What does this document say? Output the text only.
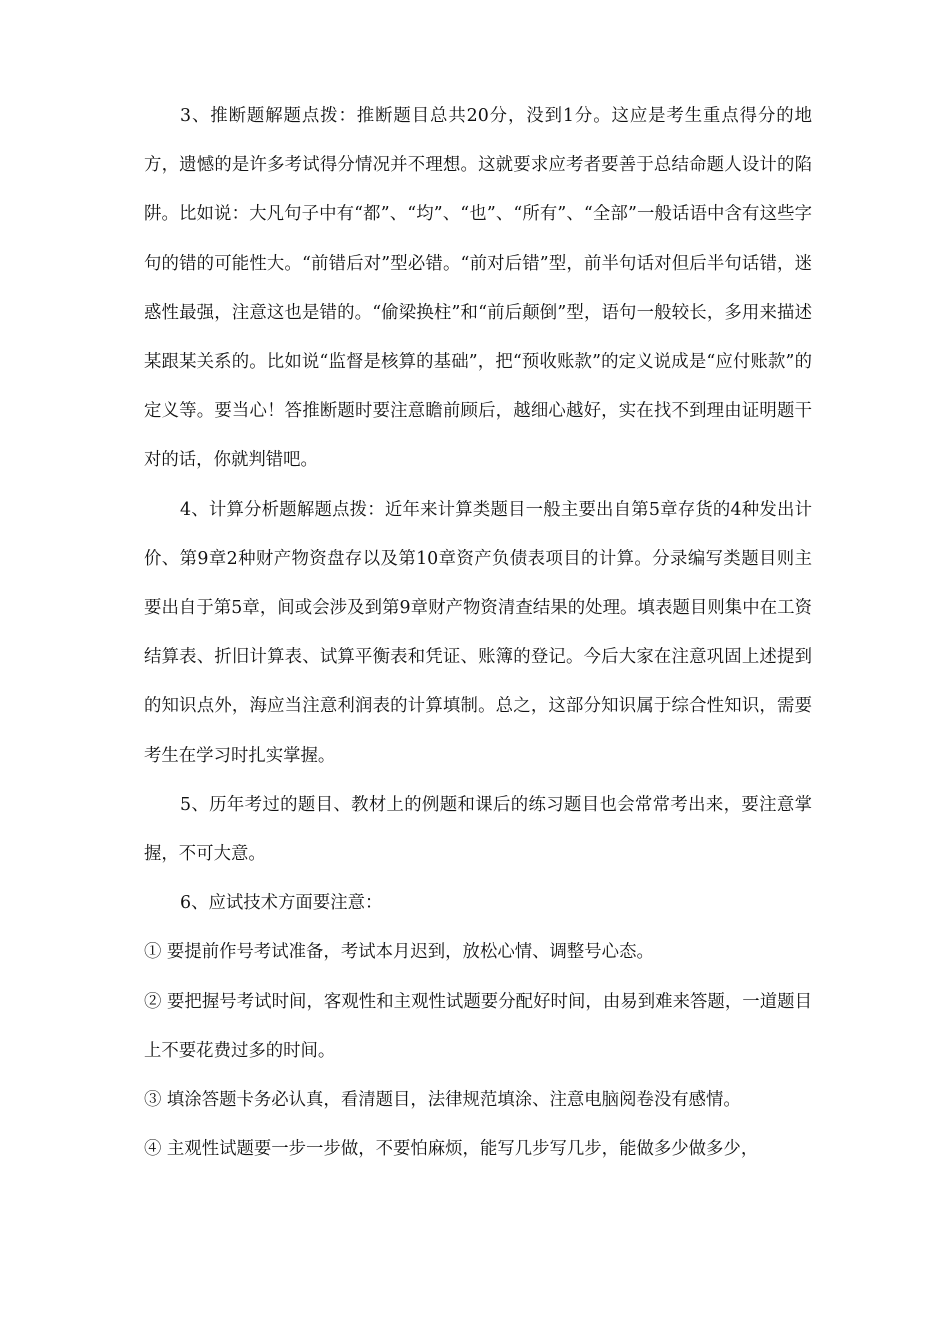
3、推断题解题点拨：推断题目总共20分，没到1分。这应是考生重点得分的地方，遗憾的是许多考试得分情况并不理想。这就要求应考者要善于总结命题人设计的陷阱。比如说：大凡句子中有“都”、“均”、“也”、“所有”、“全部”一般话语中含有这些字句的错的可能性大。“前错后对”型必错。“前对后错”型，前半句话对但后半句话错，迷惑性最强，注意这也是错的。“偷梁换柱”和“前后颠倒”型，语句一般较长，多用来描述某跟某关系的。比如说“监督是核算的基础”，把“预收账款”的定义说成是“应付账款”的定义等。要当心！答推断题时要注意瞻前顾后，越细心越好，实在找不到理由证明题干对的话，你就判错吧。

4、计算分析题解题点拨：近年来计算类题目一般主要出自第5章存货的4种发出计价、第9章2种财产物资盘存以及第10章资产负债表项目的计算。分录编写类题目则主要出自于第5章，间或会涉及到第9章财产物资清查结果的处理。填表题目则集中在工资结算表、折旧计算表、试算平衡表和凭证、账簿的登记。今后大家在注意巩固上述提到的知识点外，海应当注意利润表的计算填制。总之，这部分知识属于综合性知识，需要考生在学习时扎实掌握。

5、历年考过的题目、教材上的例题和课后的练习题目也会常常考出来，要注意掌握，不可大意。

6、应试技术方面要注意：

① 要提前作号考试准备，考试本月迟到，放松心情、调整号心态。

② 要把握号考试时间，客观性和主观性试题要分配好时间，由易到难来答题，一道题目上不要花费过多的时间。

③ 填涂答题卡务必认真，看清题目，法律规范填涂、注意电脑阅卷没有感情。

④ 主观性试题要一步一步做，不要怕麻烦，能写几步写几步，能做多少做多少，
